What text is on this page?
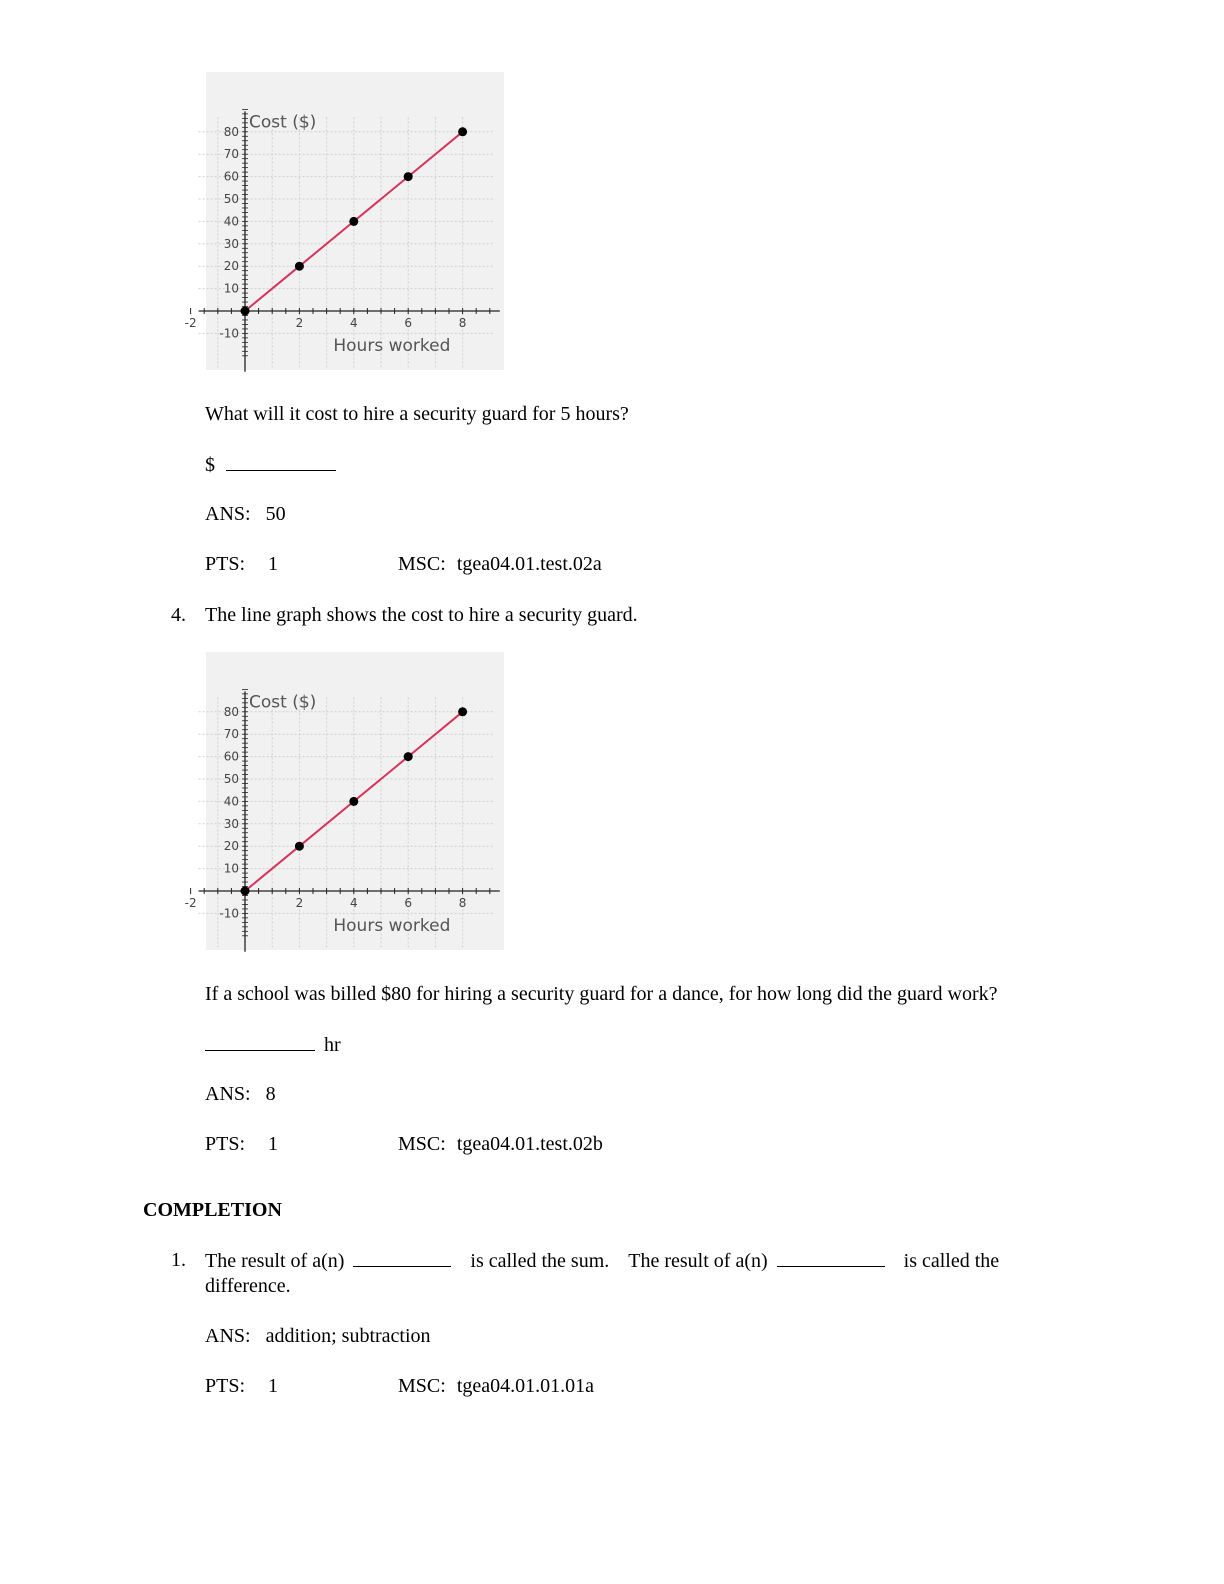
-2	2	4	6	8
-10
10
20
30
40
50
60
70
80 Cost ($)
Hours worked
What will it cost to hire a security guard for 5 hours?
$
ANS: 50
PTS: 1	MSC: tgea04.01.test.02a
4. The line graph shows the cost to hire a security guard.
-2	2	4	6	8
-10
10
20
30
40
50
60
70
80 Cost ($)
Hours worked
If a school was billed $80 for hiring a security guard for a dance, for how long did the guard work?
hr
ANS: 8
PTS: 1	MSC: tgea04.01.test.02b
COMPLETION
1. The result of a(n)	is called the sum. The result of a(n)	is called the
difference.
ANS: addition; subtraction
PTS: 1	MSC: tgea04.01.01.01a
